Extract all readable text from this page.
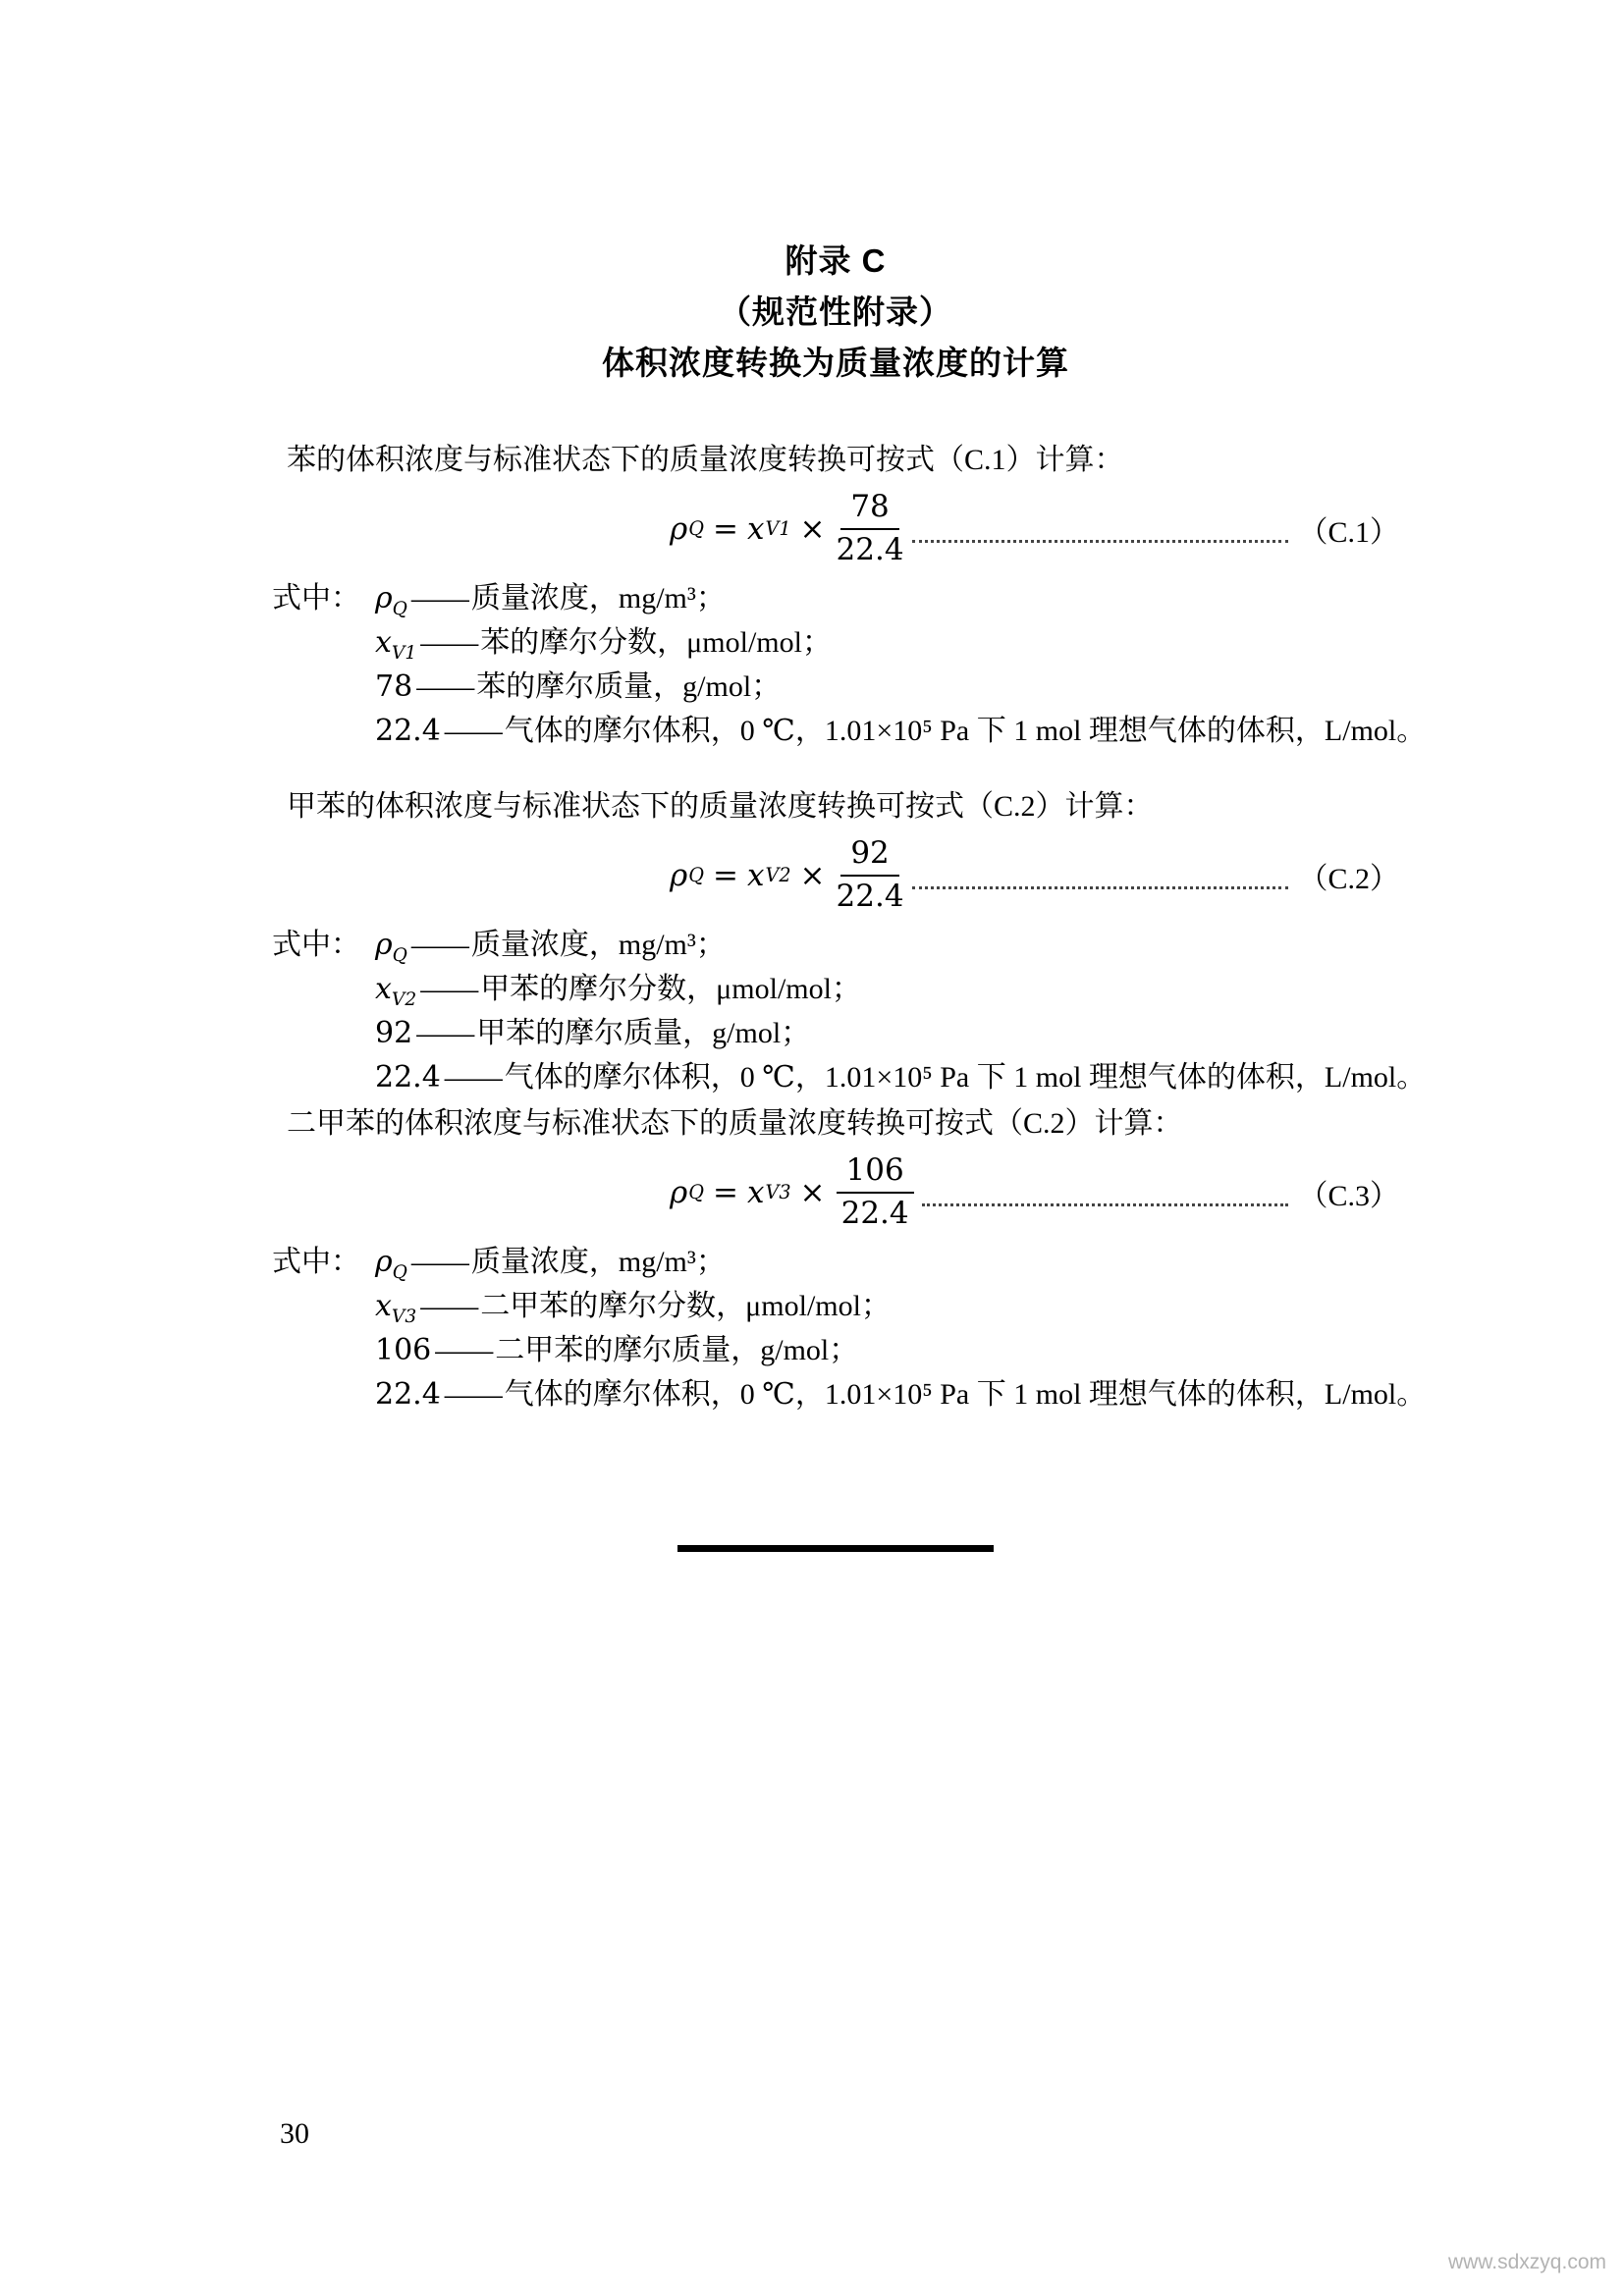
附录 C
（规范性附录）
体积浓度转换为质量浓度的计算
苯的体积浓度与标准状态下的质量浓度转换可按式（C.1）计算：
ρ Q = x $V1 \times \frac{78}{22.4}$	（C.1）
式中： $\rho_Q$ —— 质量浓度，mg/m³；
$x_{V1}$ —— 苯的摩尔分数，μmol/mol；
78 —— 苯的摩尔质量，g/mol；
22.4 —— 气体的摩尔体积，0 ℃，1.01×10⁵ Pa 下 1 mol 理想气体的体积，L/mol。
甲苯的体积浓度与标准状态下的质量浓度转换可按式（C.2）计算：
ρ Q = x $V2 \times \frac{92}{22.4}$	（C.2）
式中： $\rho_Q$ —— 质量浓度，mg/m³；
$x_{V2}$ —— 甲苯的摩尔分数，μmol/mol；
92 —— 甲苯的摩尔质量，g/mol；
22.4 —— 气体的摩尔体积，0 ℃，1.01×10⁵ Pa 下 1 mol 理想气体的体积，L/mol。
二甲苯的体积浓度与标准状态下的质量浓度转换可按式（C.2）计算：
ρ Q = x $V3 \times \frac{106}{22.4}$	（C.3）
式中： $\rho_Q$ —— 质量浓度，mg/m³；
$x_{V3}$ —— 二甲苯的摩尔分数，μmol/mol；
106 —— 二甲苯的摩尔质量，g/mol；
22.4 —— 气体的摩尔体积，0 ℃，1.01×10⁵ Pa 下 1 mol 理想气体的体积，L/mol。
30
www.sdxzyq.com
